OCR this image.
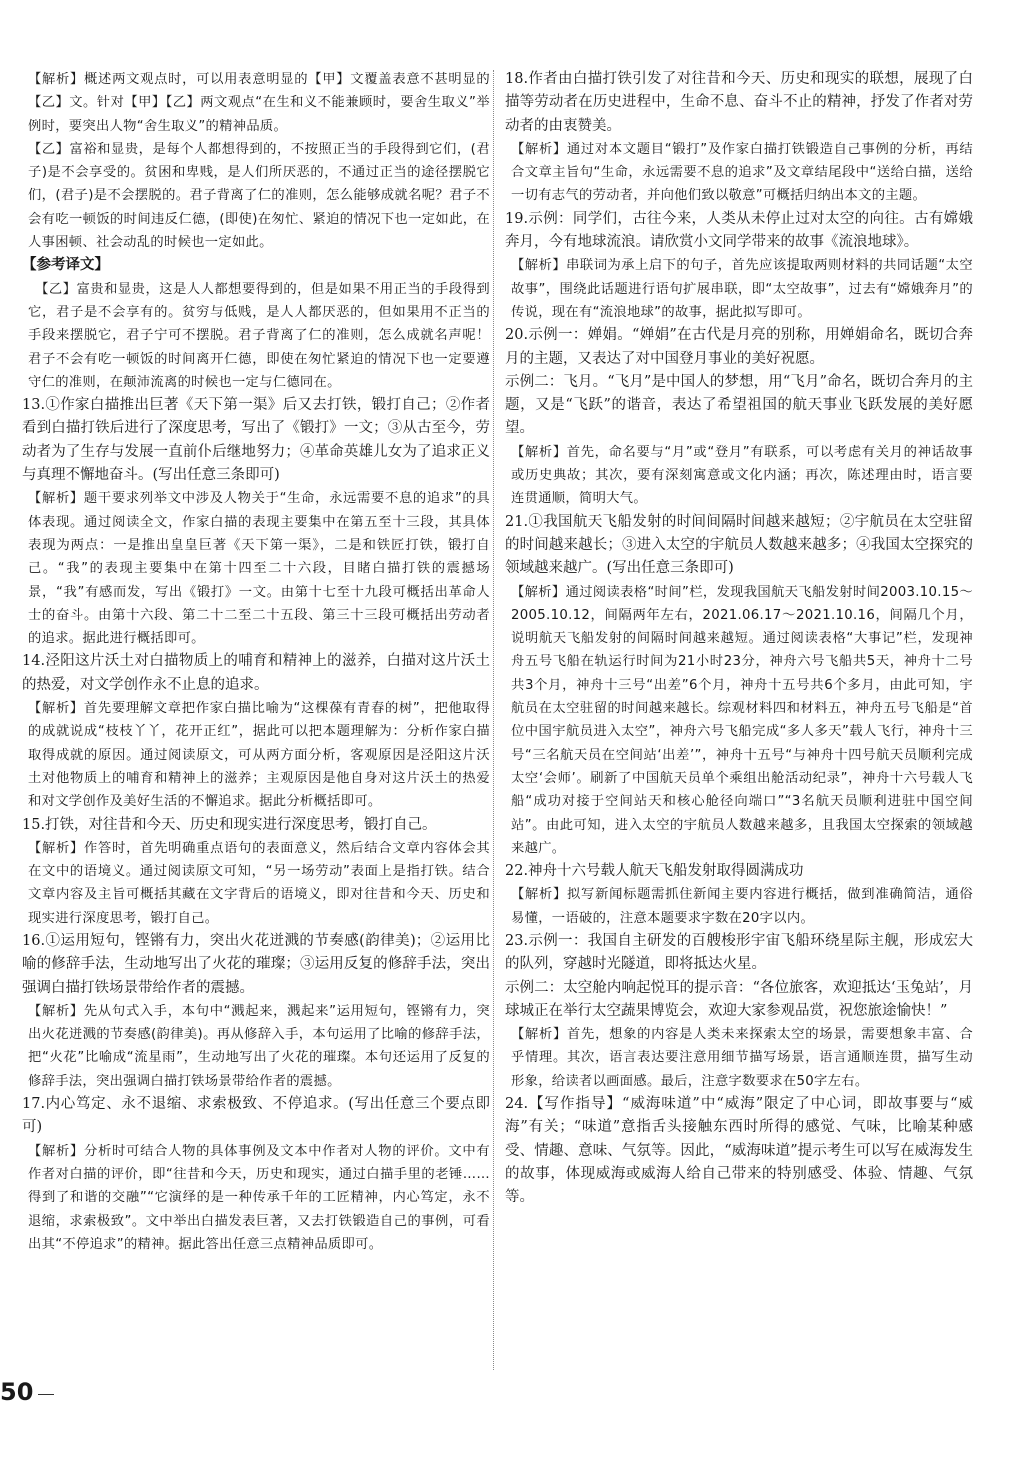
【解析】概述两文观点时，可以用表意明显的【甲】文覆盖表意不甚明显的【乙】文。针对【甲】【乙】两文观点“在生和义不能兼顾时，要舍生取义”举例时，要突出人物“舍生取义”的精神品质。

【乙】富裕和显贵，是每个人都想得到的，不按照正当的手段得到它们，(君子)是不会享受的。贫困和卑贱，是人们所厌恶的，不通过正当的途径摆脱它们，(君子)是不会摆脱的。君子背离了仁的准则，怎么能够成就名呢？君子不会有吃一顿饭的时间违反仁德，(即使)在匆忙、紧迫的情况下也一定如此，在人事困顿、社会动乱的时候也一定如此。

【参考译文】

　【乙】富贵和显贵，这是人人都想要得到的，但是如果不用正当的手段得到它，君子是不会享有的。贫穷与低贱，是人人都厌恶的，但如果用不正当的手段来摆脱它，君子宁可不摆脱。君子背离了仁的准则，怎么成就名声呢！君子不会有吃一顿饭的时间离开仁德，即使在匆忙紧迫的情况下也一定要遵守仁的准则，在颠沛流离的时候也一定与仁德同在。

13.①作家白描推出巨著《天下第一渠》后又去打铁，锻打自己；②作者看到白描打铁后进行了深度思考，写出了《锻打》一文；③从古至今，劳动者为了生存与发展一直前仆后继地努力；④革命英雄儿女为了追求正义与真理不懈地奋斗。(写出任意三条即可)

【解析】题干要求列举文中涉及人物关于“生命，永远需要不息的追求”的具体表现。通过阅读全文，作家白描的表现主要集中在第五至十三段，其具体表现为两点：一是推出皇皇巨著《天下第一渠》，二是和铁匠打铁，锻打自己。“我”的表现主要集中在第十四至二十六段，目睹白描打铁的震撼场景，“我”有感而发，写出《锻打》一文。由第十七至十九段可概括出革命人士的奋斗。由第十六段、第二十二至二十五段、第三十三段可概括出劳动者的追求。据此进行概括即可。

14.泾阳这片沃土对白描物质上的哺育和精神上的滋养，白描对这片沃土的热爱，对文学创作永不止息的追求。

【解析】首先要理解文章把作家白描比喻为“这棵葆有青春的树”，把他取得的成就说成“枝枝丫丫，花开正红”，据此可以把本题理解为：分析作家白描取得成就的原因。通过阅读原文，可从两方面分析，客观原因是泾阳这片沃土对他物质上的哺育和精神上的滋养；主观原因是他自身对这片沃土的热爱和对文学创作及美好生活的不懈追求。据此分析概括即可。

15.打铁，对往昔和今天、历史和现实进行深度思考，锻打自己。

【解析】作答时，首先明确重点语句的表面意义，然后结合文章内容体会其在文中的语境义。通过阅读原文可知，“另一场劳动”表面上是指打铁。结合文章内容及主旨可概括其藏在文字背后的语境义，即对往昔和今天、历史和现实进行深度思考，锻打自己。

16.①运用短句，铿锵有力，突出火花迸溅的节奏感(韵律美)；②运用比喻的修辞手法，生动地写出了火花的璀璨；③运用反复的修辞手法，突出强调白描打铁场景带给作者的震撼。

【解析】先从句式入手，本句中“溅起来，溅起来”运用短句，铿锵有力，突出火花迸溅的节奏感(韵律美)。再从修辞入手，本句运用了比喻的修辞手法，把“火花”比喻成“流星雨”，生动地写出了火花的璀璨。本句还运用了反复的修辞手法，突出强调白描打铁场景带给作者的震撼。

17.内心笃定、永不退缩、求索极致、不停追求。(写出任意三个要点即可)

【解析】分析时可结合人物的具体事例及文本中作者对人物的评价。文中有作者对白描的评价，即“往昔和今天，历史和现实，通过白描手里的老锤……得到了和谐的交融”“它演绎的是一种传承千年的工匠精神，内心笃定，永不退缩，求索极致”。文中举出白描发表巨著，又去打铁锻造自己的事例，可看出其“不停追求”的精神。据此答出任意三点精神品质即可。

18.作者由白描打铁引发了对往昔和今天、历史和现实的联想，展现了白描等劳动者在历史进程中，生命不息、奋斗不止的精神，抒发了作者对劳动者的由衷赞美。

【解析】通过对本文题目“锻打”及作家白描打铁锻造自己事例的分析，再结合文章主旨句“生命，永远需要不息的追求”及文章结尾段中“送给白描，送给一切有志气的劳动者，并向他们致以敬意”可概括归纳出本文的主题。

19.示例：同学们，古往今来，人类从未停止过对太空的向往。古有嫦娥奔月，今有地球流浪。请欣赏小文同学带来的故事《流浪地球》。

【解析】串联词为承上启下的句子，首先应该提取两则材料的共同话题“太空故事”，围绕此话题进行语句扩展串联，即“太空故事”，过去有“嫦娥奔月”的传说，现在有“流浪地球”的故事，据此拟写即可。

20.示例一：婵娟。“婵娟”在古代是月亮的别称，用婵娟命名，既切合奔月的主题，又表达了对中国登月事业的美好祝愿。
示例二：飞月。“飞月”是中国人的梦想，用“飞月”命名，既切合奔月的主题，又是“飞跃”的谐音，表达了希望祖国的航天事业飞跃发展的美好愿望。

【解析】首先，命名要与“月”或“登月”有联系，可以考虑有关月的神话故事或历史典故；其次，要有深刻寓意或文化内涵；再次，陈述理由时，语言要连贯通顺，简明大气。

21.①我国航天飞船发射的时间间隔时间越来越短；②宇航员在太空驻留的时间越来越长；③进入太空的宇航员人数越来越多；④我国太空探究的领域越来越广。(写出任意三条即可)

【解析】通过阅读表格“时间”栏，发现我国航天飞船发射时间2003.10.15～2005.10.12，间隔两年左右，2021.06.17～2021.10.16，间隔几个月，说明航天飞船发射的间隔时间越来越短。通过阅读表格“大事记”栏，发现神舟五号飞船在轨运行时间为21小时23分，神舟六号飞船共5天，神舟十二号共3个月，神舟十三号“出差”6个月，神舟十五号共6个多月，由此可知，宇航员在太空驻留的时间越来越长。综观材料四和材料五，神舟五号飞船是“首位中国宇航员进入太空”，神舟六号飞船完成“多人多天”载人飞行，神舟十三号“三名航天员在空间站‘出差’”，神舟十五号“与神舟十四号航天员顺利完成太空‘会师’。刷新了中国航天员单个乘组出舱活动纪录”，神舟十六号载人飞船“成功对接于空间站天和核心舱径向端口”“3名航天员顺利进驻中国空间站”。由此可知，进入太空的宇航员人数越来越多，且我国太空探索的领域越来越广。

22.神舟十六号载人航天飞船发射取得圆满成功

【解析】拟写新闻标题需抓住新闻主要内容进行概括，做到准确简洁，通俗易懂，一语破的，注意本题要求字数在20字以内。

23.示例一：我国自主研发的百艘梭形宇宙飞船环绕星际主舰，形成宏大的队列，穿越时光隧道，即将抵达火星。
示例二：太空舱内响起悦耳的提示音：“各位旅客，欢迎抵达‘玉兔站’，月球城正在举行太空蔬果博览会，欢迎大家参观品赏，祝您旅途愉快！”

【解析】首先，想象的内容是人类未来探索太空的场景，需要想象丰富、合乎情理。其次，语言表达要注意用细节描写场景，语言通顺连贯，描写生动形象，给读者以画面感。最后，注意字数要求在50字左右。

24.【写作指导】“威海味道”中“威海”限定了中心词，即故事要与“威海”有关；“味道”意指舌头接触东西时所得的感觉、气味，比喻某种感受、情趣、意味、气氛等。因此，“威海味道”提示考生可以写在威海发生的故事，体现威海或威海人给自己带来的特别感受、体验、情趣、气氛等。

50
